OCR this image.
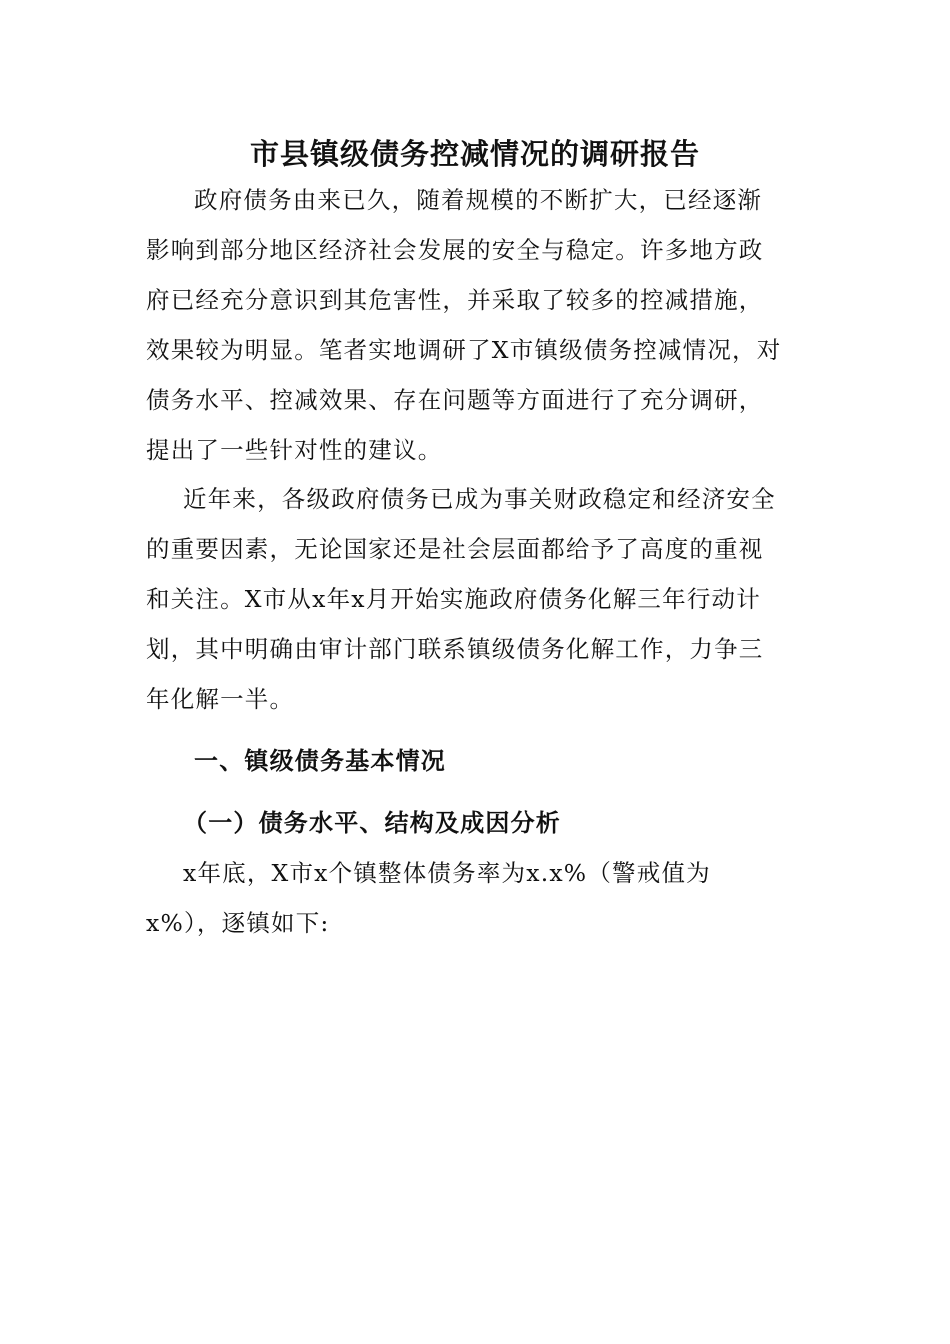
市县镇级债务控减情况的调研报告
政府债务由来已久，随着规模的不断扩大，已经逐渐
影响到部分地区经济社会发展的安全与稳定。许多地方政
府已经充分意识到其危害性，并采取了较多的控减措施，
效果较为明显。笔者实地调研了X市镇级债务控减情况，对
债务水平、控减效果、存在问题等方面进行了充分调研，
提出了一些针对性的建议。
近年来，各级政府债务已成为事关财政稳定和经济安全
的重要因素，无论国家还是社会层面都给予了高度的重视
和关注。X市从x年x月开始实施政府债务化解三年行动计
划，其中明确由审计部门联系镇级债务化解工作，力争三
年化解一半。
一、镇级债务基本情况
（一）债务水平、结构及成因分析
x年底，X市x个镇整体债务率为x.x%（警戒值为
x%），逐镇如下:
